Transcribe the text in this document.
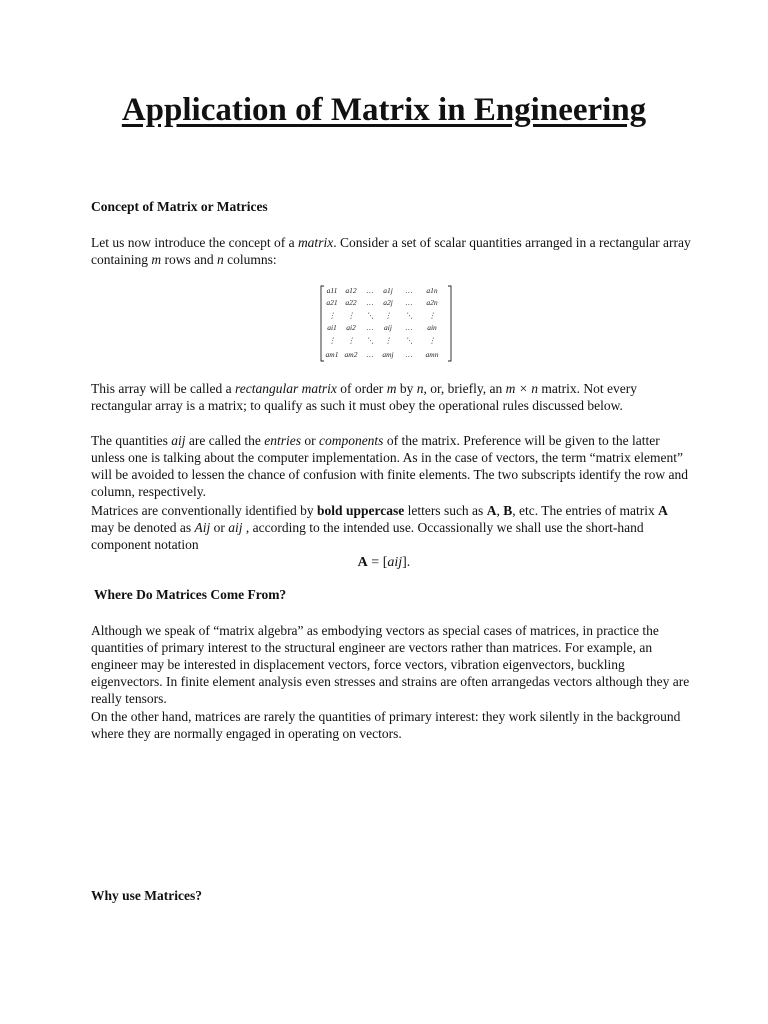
Application of Matrix in Engineering
Concept of Matrix or Matrices

Let us now introduce the concept of a matrix. Consider a set of scalar quantities arranged in a rectangular array containing m rows and n columns:

a11 a12 … a1j … a1n
a21 a22 … a2j … a2n
⋮ ⋮ ⋱ ⋮ ⋱ ⋮
ai1 ai2 … aij … ain
⋮ ⋮ ⋱ ⋮ ⋱ ⋮
am1 am2 … amj … amn

This array will be called a rectangular matrix of order m by n, or, briefly, an m × n matrix. Not every rectangular array is a matrix; to qualify as such it must obey the operational rules discussed below.

The quantities aij are called the entries or components of the matrix. Preference will be given to the latter unless one is talking about the computer implementation. As in the case of vectors, the term “matrix element” will be avoided to lessen the chance of confusion with finite elements. The two subscripts identify the row and column, respectively.

Matrices are conventionally identified by bold uppercase letters such as A, B, etc. The entries of matrix A may be denoted as Aij or aij , according to the intended use. Occassionally we shall use the short-hand component notation

A = [aij].
Where Do Matrices Come From?

Although we speak of “matrix algebra” as embodying vectors as special cases of matrices, in practice the quantities of primary interest to the structural engineer are vectors rather than matrices. For example, an engineer may be interested in displacement vectors, force vectors, vibration eigenvectors, buckling eigenvectors. In finite element analysis even stresses and strains are often arrangedas vectors although they are really tensors.

On the other hand, matrices are rarely the quantities of primary interest: they work silently in the background where they are normally engaged in operating on vectors.

Why use Matrices?
